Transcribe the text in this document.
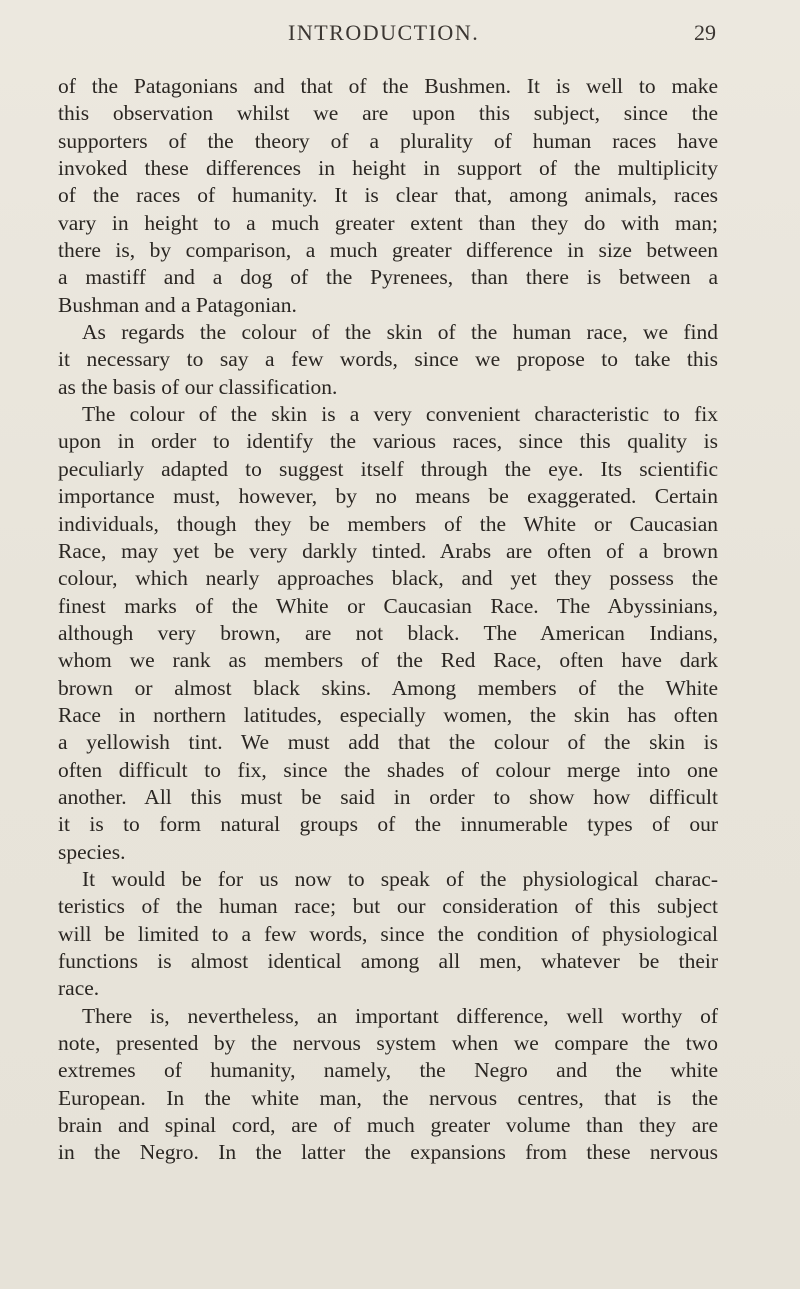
INTRODUCTION.	29
of the Patagonians and that of the Bushmen. It is well to make
this observation whilst we are upon this subject, since the
supporters of the theory of a plurality of human races have
invoked these differences in height in support of the multiplicity
of the races of humanity. It is clear that, among animals, races
vary in height to a much greater extent than they do with man;
there is, by comparison, a much greater difference in size between
a mastiff and a dog of the Pyrenees, than there is between a
Bushman and a Patagonian.
As regards the colour of the skin of the human race, we find
it necessary to say a few words, since we propose to take this
as the basis of our classification.
The colour of the skin is a very convenient characteristic to fix
upon in order to identify the various races, since this quality is
peculiarly adapted to suggest itself through the eye. Its scientific
importance must, however, by no means be exaggerated. Certain
individuals, though they be members of the White or Caucasian
Race, may yet be very darkly tinted. Arabs are often of a brown
colour, which nearly approaches black, and yet they possess the
finest marks of the White or Caucasian Race. The Abyssinians,
although very brown, are not black. The American Indians,
whom we rank as members of the Red Race, often have dark
brown or almost black skins. Among members of the White
Race in northern latitudes, especially women, the skin has often
a yellowish tint. We must add that the colour of the skin is
often difficult to fix, since the shades of colour merge into one
another. All this must be said in order to show how difficult
it is to form natural groups of the innumerable types of our
species.
It would be for us now to speak of the physiological charac-
teristics of the human race; but our consideration of this subject
will be limited to a few words, since the condition of physiological
functions is almost identical among all men, whatever be their
race.
There is, nevertheless, an important difference, well worthy of
note, presented by the nervous system when we compare the two
extremes of humanity, namely, the Negro and the white
European. In the white man, the nervous centres, that is the
brain and spinal cord, are of much greater volume than they are
in the Negro. In the latter the expansions from these nervous
